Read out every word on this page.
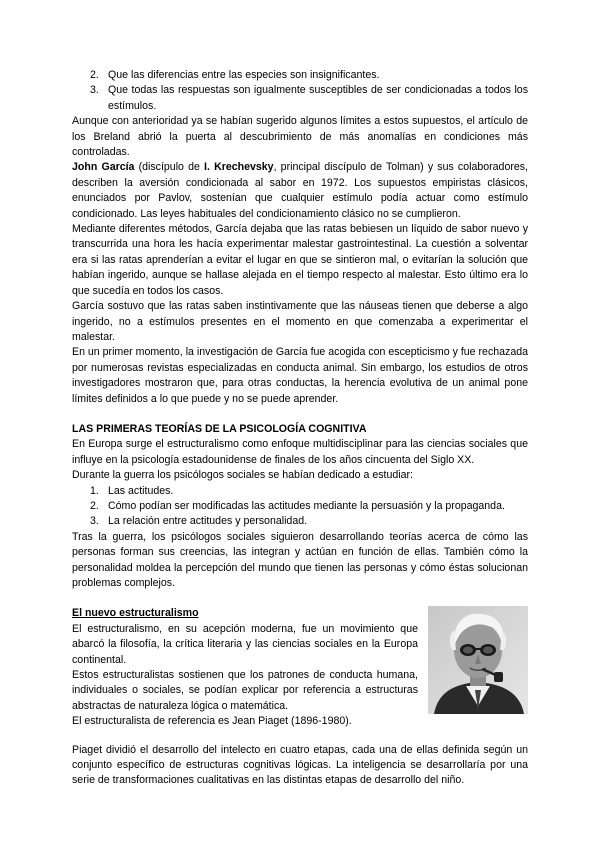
2. Que las diferencias entre las especies son insignificantes.
3. Que todas las respuestas son igualmente susceptibles de ser condicionadas a todos los estímulos.

Aunque con anterioridad ya se habían sugerido algunos límites a estos supuestos, el artículo de los Breland abrió la puerta al descubrimiento de más anomalías en condiciones más controladas.

John García (discípulo de I. Krechevsky, principal discípulo de Tolman) y sus colaboradores, describen la aversión condicionada al sabor en 1972. Los supuestos empiristas clásicos, enunciados por Pavlov, sostenían que cualquier estímulo podía actuar como estímulo condicionado. Las leyes habituales del condicionamiento clásico no se cumplieron.

Mediante diferentes métodos, García dejaba que las ratas bebiesen un líquido de sabor nuevo y transcurrida una hora les hacía experimentar malestar gastrointestinal. La cuestión a solventar era si las ratas aprenderían a evitar el lugar en que se sintieron mal, o evitarían la solución que habían ingerido, aunque se hallase alejada en el tiempo respecto al malestar. Esto último era lo que sucedía en todos los casos.

García sostuvo que las ratas saben instintivamente que las náuseas tienen que deberse a algo ingerido, no a estímulos presentes en el momento en que comenzaba a experimentar el malestar.

En un primer momento, la investigación de García fue acogida con escepticismo y fue rechazada por numerosas revistas especializadas en conducta animal. Sin embargo, los estudios de otros investigadores mostraron que, para otras conductas, la herencia evolutiva de un animal pone límites definidos a lo que puede y no se puede aprender.

LAS PRIMERAS TEORÍAS DE LA PSICOLOGÍA COGNITIVA

En Europa surge el estructuralismo como enfoque multidisciplinar para las ciencias sociales que influye en la psicología estadounidense de finales de los años cincuenta del Siglo XX.

Durante la guerra los psicólogos sociales se habían dedicado a estudiar:

1. Las actitudes.
2. Cómo podían ser modificadas las actitudes mediante la persuasión y la propaganda.
3. La relación entre actitudes y personalidad.

Tras la guerra, los psicólogos sociales siguieron desarrollando teorías acerca de cómo las personas forman sus creencias, las integran y actúan en función de ellas. También cómo la personalidad moldea la percepción del mundo que tienen las personas y cómo éstas solucionan problemas complejos.

El nuevo estructuralismo

El estructuralismo, en su acepción moderna, fue un movimiento que abarcó la filosofía, la crítica literaria y las ciencias sociales en la Europa continental.

Estos estructuralistas sostienen que los patrones de conducta humana, individuales o sociales, se podían explicar por referencia a estructuras abstractas de naturaleza lógica o matemática.

El estructuralista de referencia es Jean Piaget (1896-1980).

Piaget dividió el desarrollo del intelecto en cuatro etapas, cada una de ellas definida según un conjunto específico de estructuras cognitivas lógicas. La inteligencia se desarrollaría por una serie de transformaciones cualitativas en las distintas etapas de desarrollo del niño.
